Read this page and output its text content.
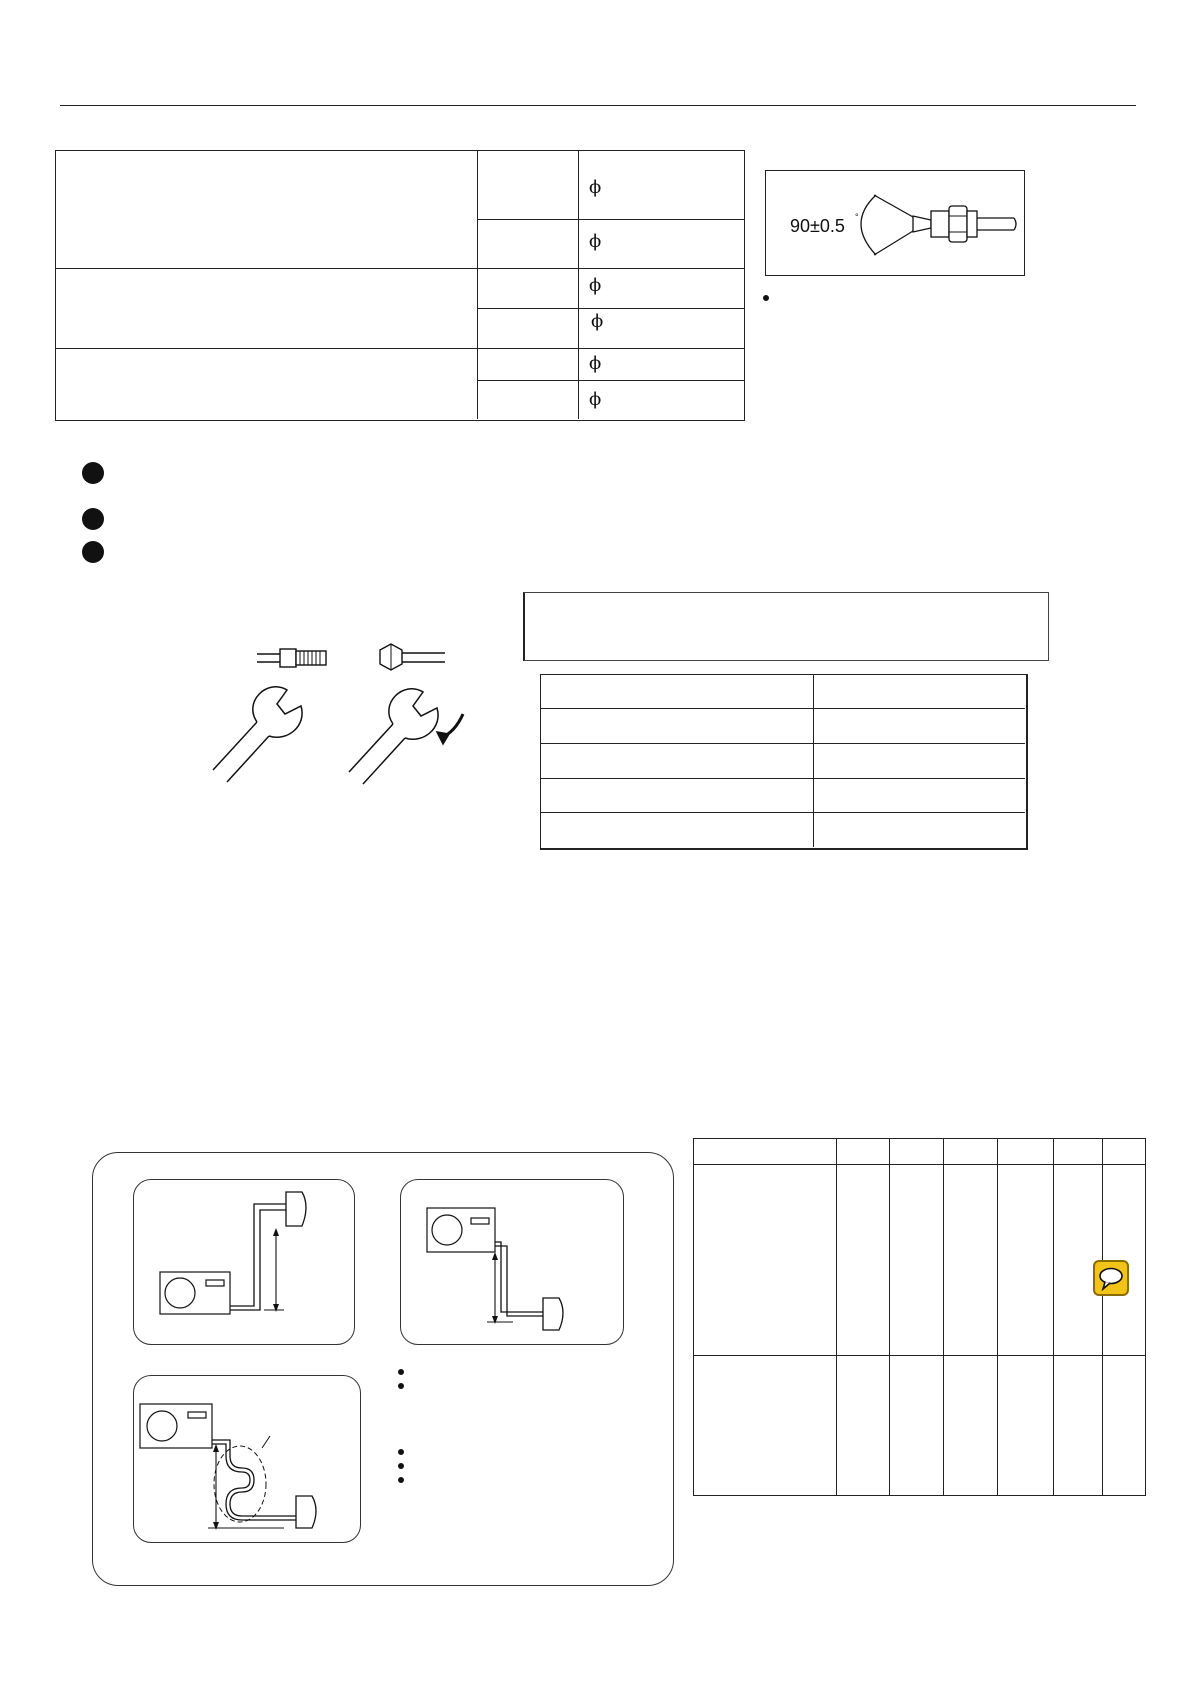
ϕ
ϕ
ϕ
ϕ
ϕ
ϕ
90±0.5 °
